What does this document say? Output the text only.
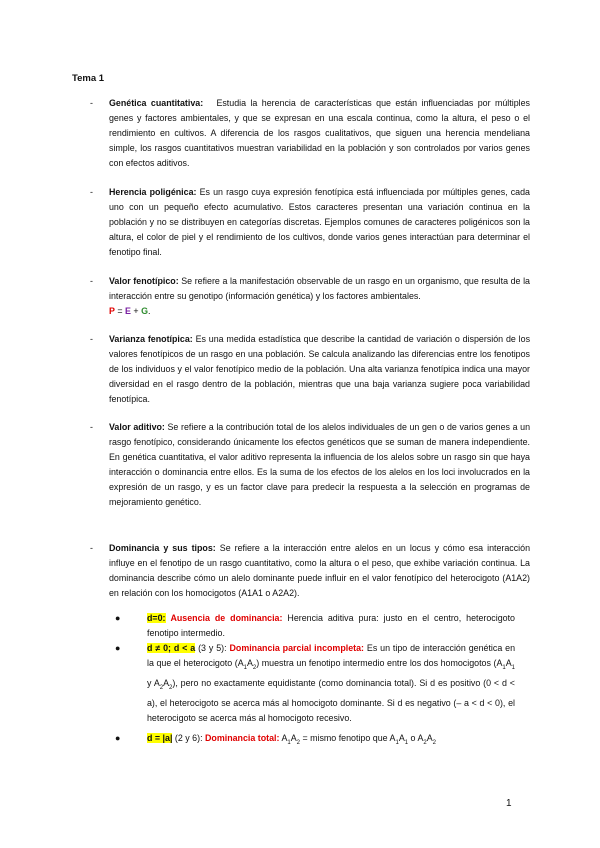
Tema 1
- Genética cuantitativa: Estudia la herencia de características que están influenciadas por múltiples genes y factores ambientales, y que se expresan en una escala continua, como la altura, el peso o el rendimiento en cultivos. A diferencia de los rasgos cualitativos, que siguen una herencia mendeliana simple, los rasgos cuantitativos muestran variabilidad en la población y son controlados por varios genes con efectos aditivos.
- Herencia poligénica: Es un rasgo cuya expresión fenotípica está influenciada por múltiples genes, cada uno con un pequeño efecto acumulativo. Estos caracteres presentan una variación continua en la población y no se distribuyen en categorías discretas. Ejemplos comunes de caracteres poligénicos son la altura, el color de piel y el rendimiento de los cultivos, donde varios genes interactúan para determinar el fenotipo final.
- Valor fenotípico: Se refiere a la manifestación observable de un rasgo en un organismo, que resulta de la interacción entre su genotipo (información genética) y los factores ambientales.
P = E + G.
- Varianza fenotípica: Es una medida estadística que describe la cantidad de variación o dispersión de los valores fenotípicos de un rasgo en una población. Se calcula analizando las diferencias entre los fenotipos de los individuos y el valor fenotípico medio de la población. Una alta varianza fenotípica indica una mayor diversidad en el rasgo dentro de la población, mientras que una baja varianza sugiere poca variabilidad fenotípica.
- Valor aditivo: Se refiere a la contribución total de los alelos individuales de un gen o de varios genes a un rasgo fenotípico, considerando únicamente los efectos genéticos que se suman de manera independiente. En genética cuantitativa, el valor aditivo representa la influencia de los alelos sobre un rasgo sin que haya interacción o dominancia entre ellos. Es la suma de los efectos de los alelos en los loci involucrados en la expresión de un rasgo, y es un factor clave para predecir la respuesta a la selección en programas de mejoramiento genético.
- Dominancia y sus tipos: Se refiere a la interacción entre alelos en un locus y cómo esa interacción influye en el fenotipo de un rasgo cuantitativo, como la altura o el peso, que exhibe variación continua. La dominancia describe cómo un alelo dominante puede influir en el valor fenotípico del heterocigoto (A1A2) en relación con los homocigotos (A1A1 o A2A2).
●	d=0: Ausencia de dominancia: Herencia aditiva pura: justo en el centro, heterocigoto fenotipo intermedio.
●	d ≠ 0; d < a (3 y 5): Dominancia parcial incompleta: Es un tipo de interacción genética en la que el heterocigoto $(A_1A_2)$ muestra un fenotipo intermedio entre los dos homocigotos ($A_1A_1$ y $A_2A_2$), pero no exactamente equidistante (como dominancia total). Si d es positivo (0 < d < a), el heterocigoto se acerca más al homocigoto dominante. Si d es negativo (– a < d < 0), el heterocigoto se acerca más al homocigoto recesivo.
●	d = |a| (2 y 6): Dominancia total: $A_1A_2$ = mismo fenotipo que $A_1A_1$ o $A_2A_2$
1
